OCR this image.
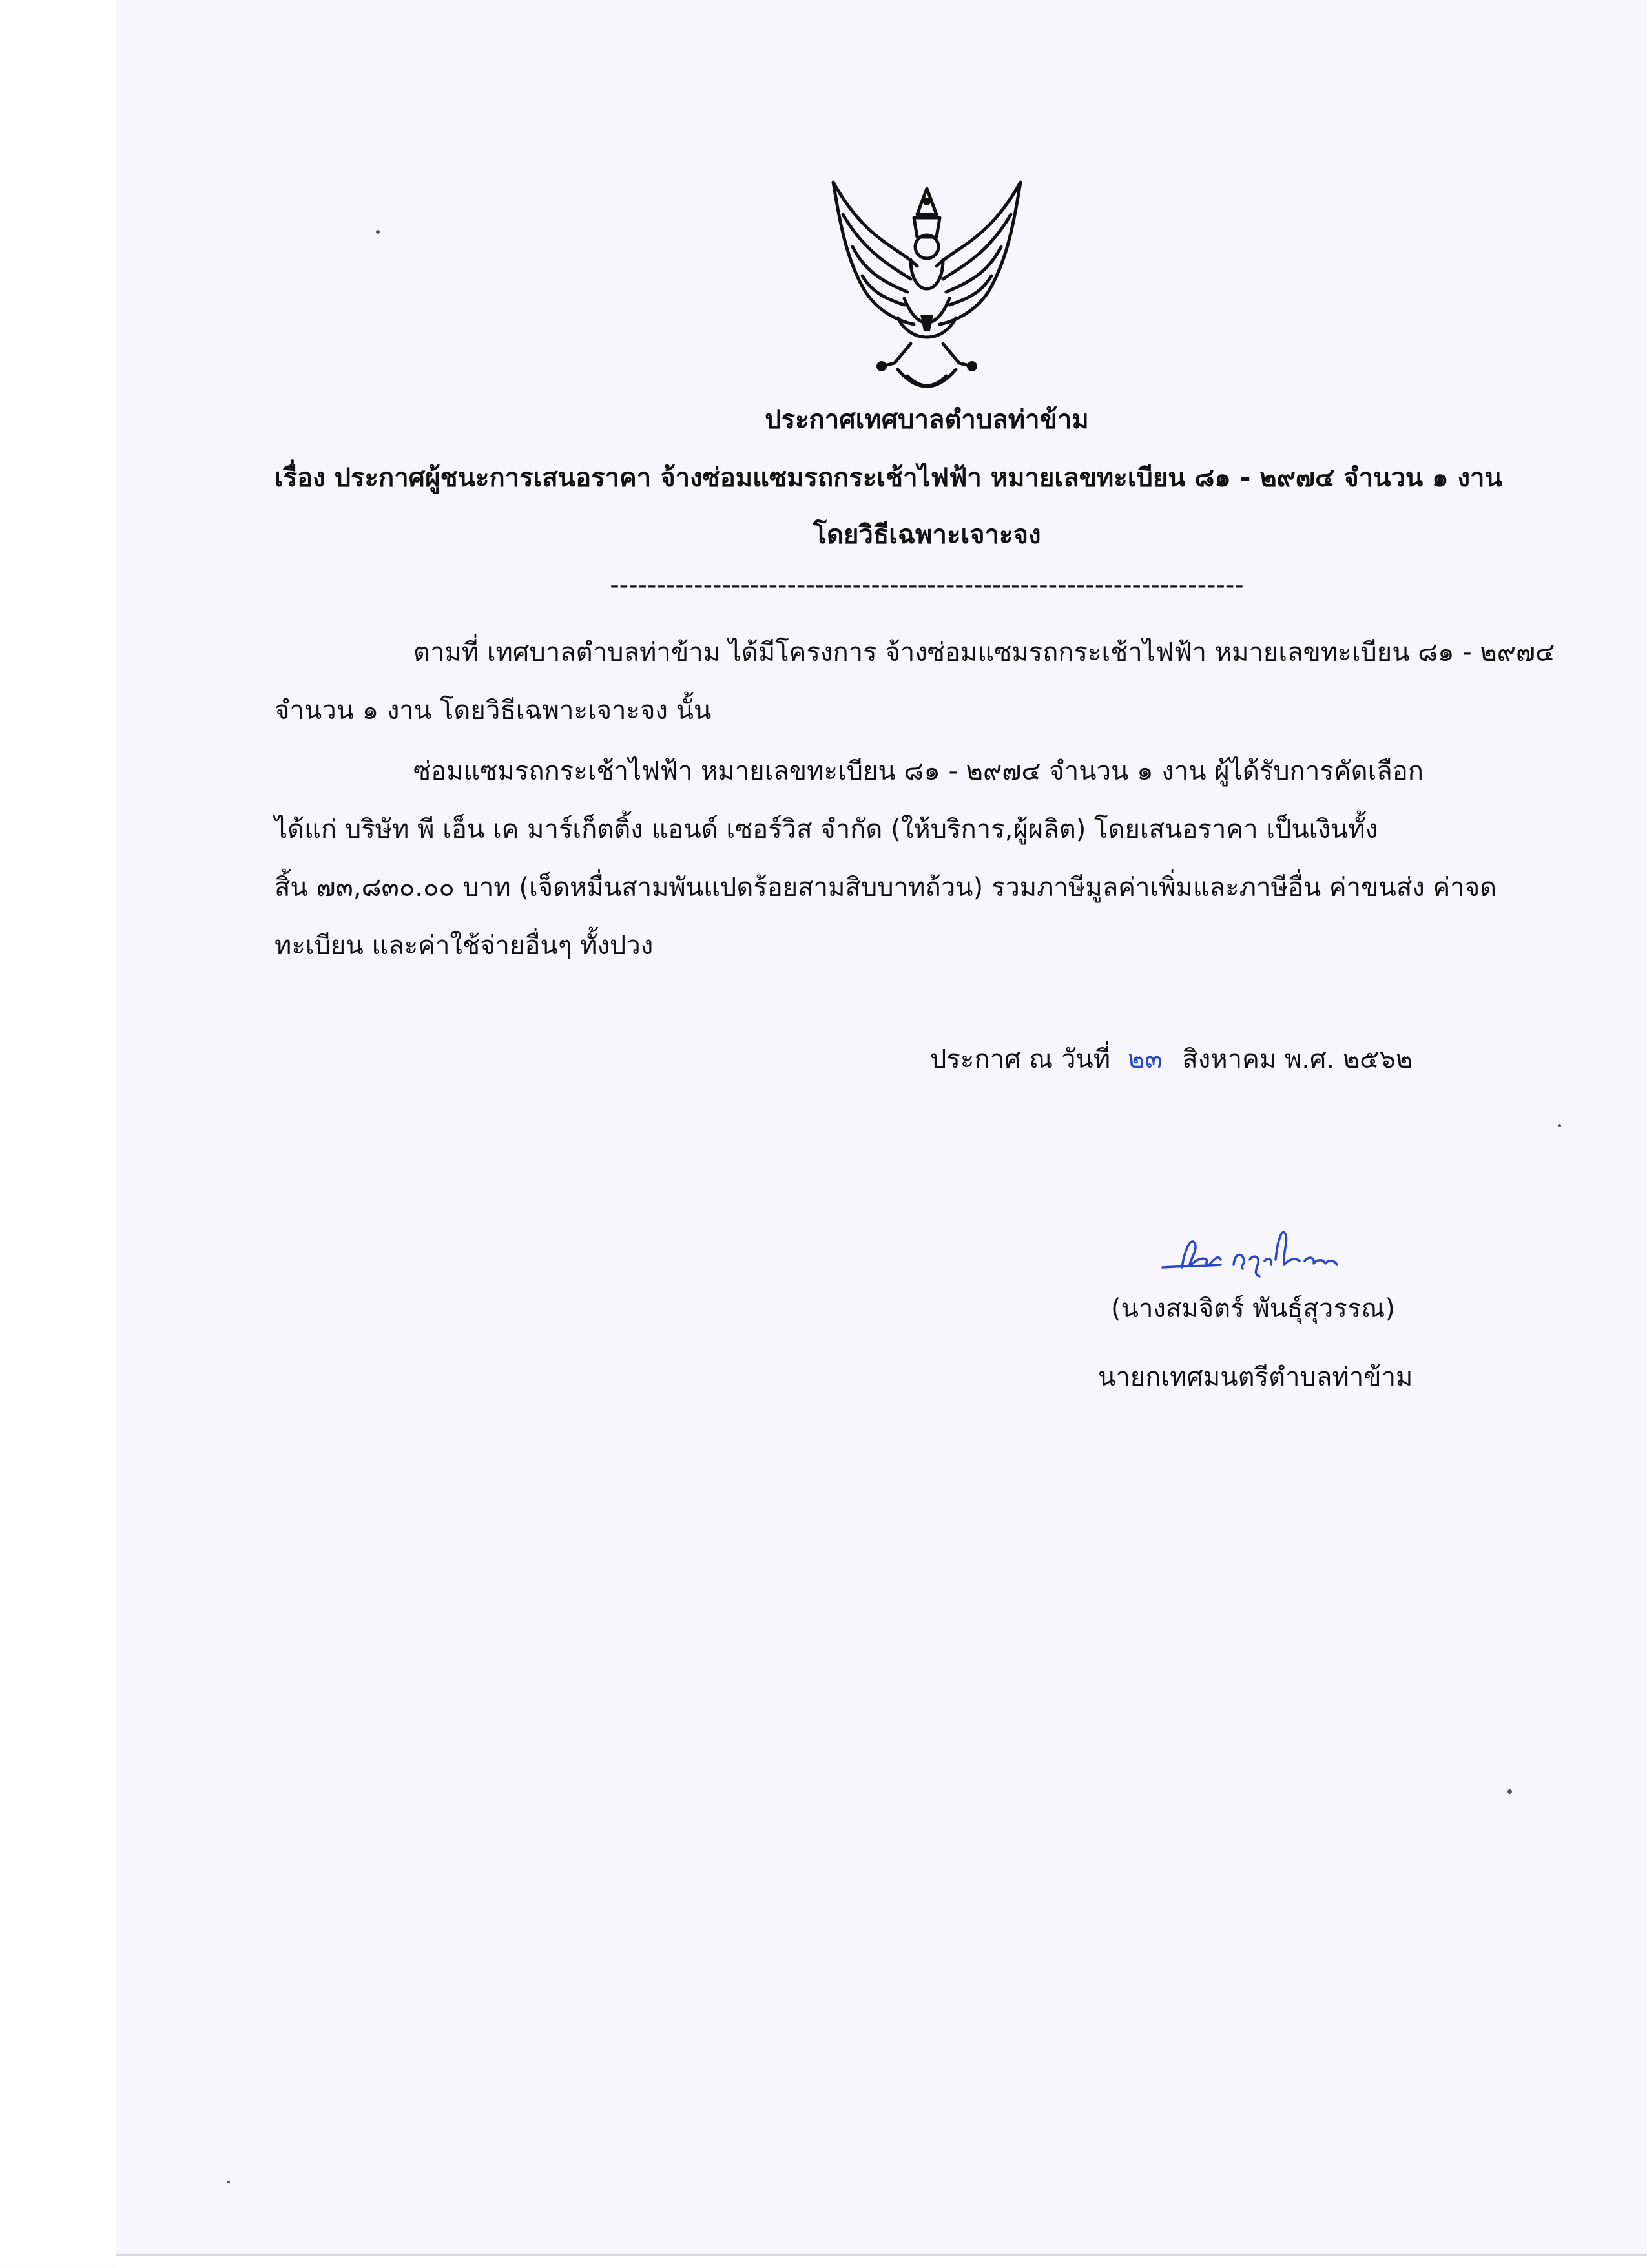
ประกาศเทศบาลตำบลท่าข้าม
เรื่อง ประกาศผู้ชนะการเสนอราคา จ้างซ่อมแซมรถกระเช้าไฟฟ้า หมายเลขทะเบียน ๘๑ - ๒๙๗๔ จำนวน ๑ งาน
โดยวิธีเฉพาะเจาะจง
--------------------------------------------------------------------
ตามที่ เทศบาลตำบลท่าข้าม ได้มีโครงการ จ้างซ่อมแซมรถกระเช้าไฟฟ้า หมายเลขทะเบียน ๘๑ - ๒๙๗๔
จำนวน ๑ งาน โดยวิธีเฉพาะเจาะจง นั้น
ซ่อมแซมรถกระเช้าไฟฟ้า หมายเลขทะเบียน ๘๑ - ๒๙๗๔ จำนวน ๑ งาน ผู้ได้รับการคัดเลือก
ได้แก่ บริษัท พี เอ็น เค มาร์เก็ตติ้ง แอนด์ เซอร์วิส จำกัด (ให้บริการ,ผู้ผลิต) โดยเสนอราคา เป็นเงินทั้ง
สิ้น ๗๓,๘๓๐.๐๐ บาท (เจ็ดหมื่นสามพันแปดร้อยสามสิบบาทถ้วน) รวมภาษีมูลค่าเพิ่มและภาษีอื่น ค่าขนส่ง ค่าจด
ทะเบียน และค่าใช้จ่ายอื่นๆ ทั้งปวง
ประกาศ ณ วันที่ ๒๓ สิงหาคม พ.ศ. ๒๕๖๒
(นางสมจิตร์ พันธุ์สุวรรณ)
นายกเทศมนตรีตำบลท่าข้าม
